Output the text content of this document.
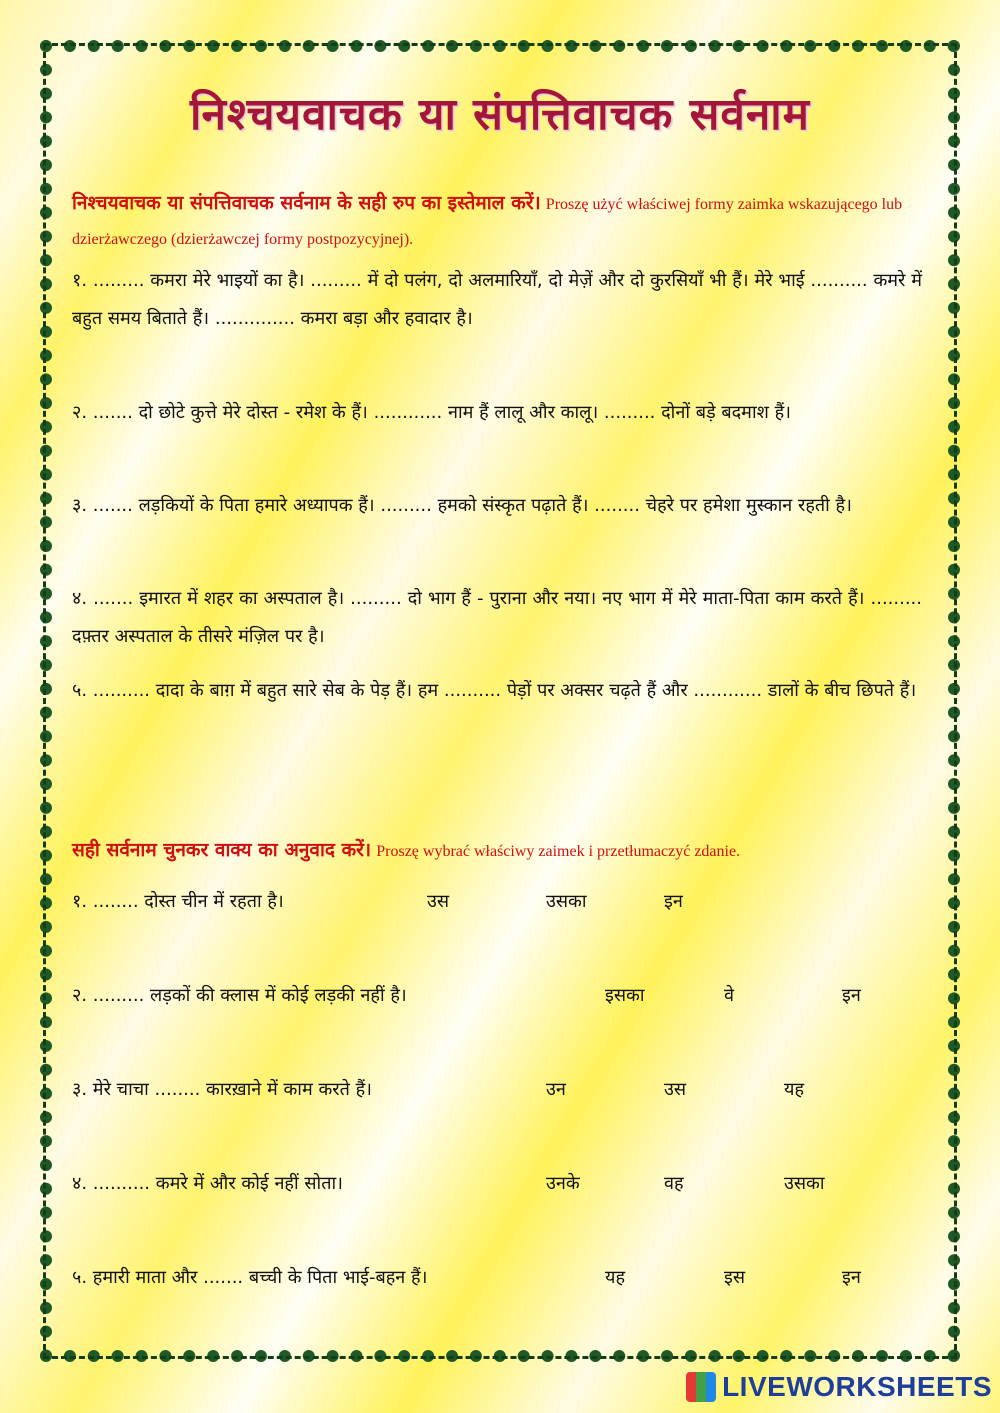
निश्चयवाचक या संपत्तिवाचक सर्वनाम

निश्चयवाचक या संपत्तिवाचक सर्वनाम के सही रुप का इस्तेमाल करें। Proszę użyć właściwej formy zaimka wskazującego lub dzierżawczego (dzierżawczej formy postpozycyjnej).

१. ......... कमरा मेरे भाइयों का है। ......... में दो पलंग, दो अलमारियाँ, दो मेज़ें और दो कुरसियाँ भी हैं। मेरे भाई .......... कमरे में बहुत समय बिताते हैं। .............. कमरा बड़ा और हवादार है।

२. ....... दो छोटे कुत्ते मेरे दोस्त - रमेश के हैं। ............ नाम हैं लालू और कालू। ......... दोनों बड़े बदमाश हैं।

३. ....... लड़कियों के पिता हमारे अध्यापक हैं। ......... हमको संस्कृत पढ़ाते हैं। ........ चेहरे पर हमेशा मुस्कान रहती है।

४. ....... इमारत में शहर का अस्पताल है। ......... दो भाग हैं - पुराना और नया। नए भाग में मेरे माता-पिता काम करते हैं। ......... दफ़्तर अस्पताल के तीसरे मंज़िल पर है।

५. .......... दादा के बाग़ में बहुत सारे सेब के पेड़ हैं। हम .......... पेड़ों पर अक्सर चढ़ते हैं और ............ डालों के बीच छिपते हैं।

सही सर्वनाम चुनकर वाक्य का अनुवाद करें। Proszę wybrać właściwy zaimek i przetłumaczyć zdanie.

१. ........ दोस्त चीन में रहता है।	उस	उसका	इन
२. ......... लड़कों की क्लास में कोई लड़की नहीं है।	इसका	वे	इन
३. मेरे चाचा ........ कारख़ाने में काम करते हैं।	उन	उस	यह
४. .......... कमरे में और कोई नहीं सोता।	उनके	वह	उसका
५. हमारी माता और ....... बच्ची के पिता भाई-बहन हैं।	यह	इस	इन
LIVEWORKSHEETS
